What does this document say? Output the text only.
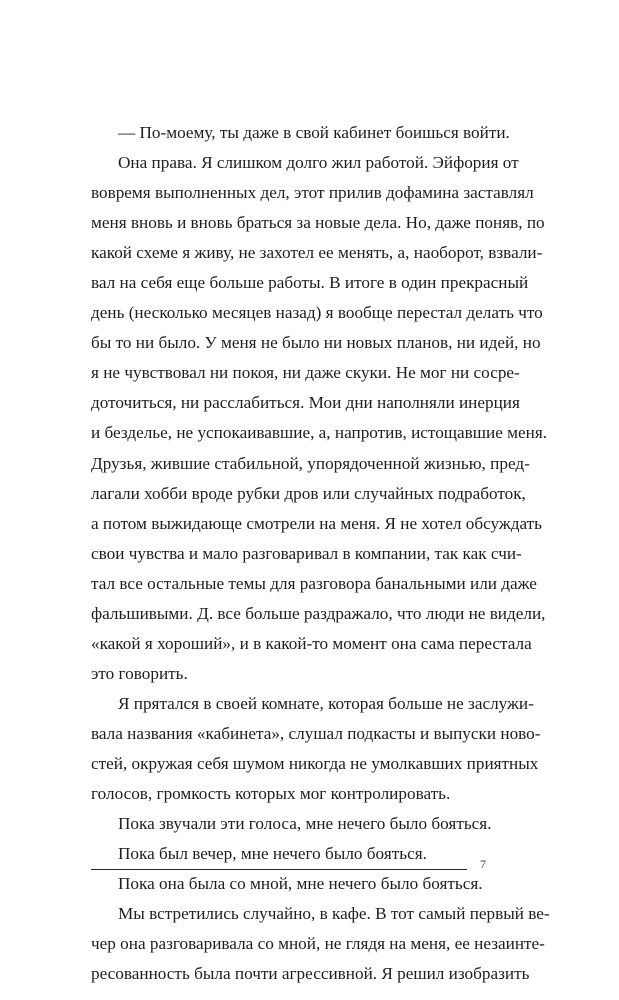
— По-моему, ты даже в свой кабинет боишься войти.
Она права. Я слишком долго жил работой. Эйфория от
вовремя выполненных дел, этот прилив дофамина заставлял
меня вновь и вновь браться за новые дела. Но, даже поняв, по
какой схеме я живу, не захотел ее менять, а, наоборот, взвали-
вал на себя еще больше работы. В итоге в один прекрасный
день (несколько месяцев назад) я вообще перестал делать что
бы то ни было. У меня не было ни новых планов, ни идей, но
я не чувствовал ни покоя, ни даже скуки. Не мог ни сосре-
доточиться, ни расслабиться. Мои дни наполняли инерция
и безделье, не успокаивавшие, а, напротив, истощавшие меня.
Друзья, жившие стабильной, упорядоченной жизнью, пред-
лагали хобби вроде рубки дров или случайных подработок,
а потом выжидающе смотрели на меня. Я не хотел обсуждать
свои чувства и мало разговаривал в компании, так как счи-
тал все остальные темы для разговора банальными или даже
фальшивыми. Д. все больше раздражало, что люди не видели,
«какой я хороший», и в какой-то момент она сама перестала
это говорить.
Я прятался в своей комнате, которая больше не заслужи-
вала названия «кабинета», слушал подкасты и выпуски ново-
стей, окружая себя шумом никогда не умолкавших приятных
голосов, громкость которых мог контролировать.
Пока звучали эти голоса, мне нечего было бояться.
Пока был вечер, мне нечего было бояться.
Пока она была со мной, мне нечего было бояться.
Мы встретились случайно, в кафе. В тот самый первый ве-
чер она разговаривала со мной, не глядя на меня, ее незаинте-
ресованность была почти агрессивной. Я решил изобразить
7
